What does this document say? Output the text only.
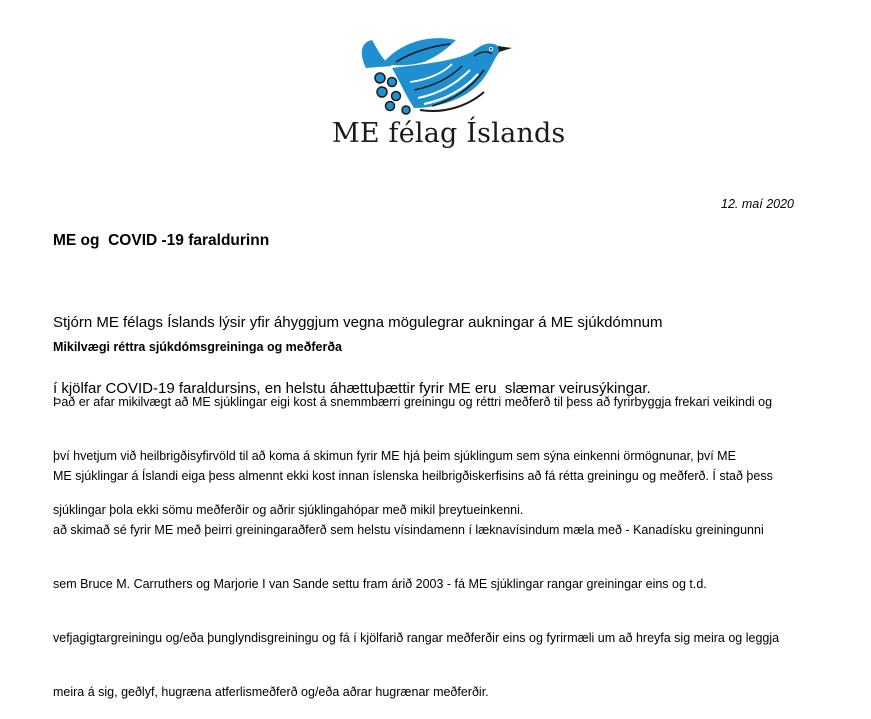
ME félag Íslands
12. maí 2020
ME og  COVID -19 faraldurinn

Stjórn ME félags Íslands lýsir yfir áhyggjum vegna mögulegrar aukningar á ME sjúkdómnum

í kjölfar COVID-19 faraldursins, en helstu áhættuþættir fyrir ME eru  slæmar veirusýkingar.

Mikilvægi réttra sjúkdómsgreininga og meðferða

Það er afar mikilvægt að ME sjúklingar eigi kost á snemmbærri greiningu og réttri meðferð til þess að fyrirbyggja frekari veikindi og

því hvetjum við heilbrigðisyfirvöld til að koma á skimun fyrir ME hjá þeim sjúklingum sem sýna einkenni örmögnunar, því ME

sjúklingar þola ekki sömu meðferðir og aðrir sjúklingahópar með mikil þreytueinkenni.

ME sjúklingar á Íslandi eiga þess almennt ekki kost innan íslenska heilbrigðiskerfisins að fá rétta greiningu og meðferð. Í stað þess

að skimað sé fyrir ME með þeirri greiningaraðferð sem helstu vísindamenn í læknavísindum mæla með - Kanadísku greiningunni

sem Bruce M. Carruthers og Marjorie I van Sande settu fram árið 2003 - fá ME sjúklingar rangar greiningar eins og t.d.

vefjagigtargreiningu og/eða þunglyndisgreiningu og fá í kjölfarið rangar meðferðir eins og fyrirmæli um að hreyfa sig meira og leggja

meira á sig, geðlyf, hugræna atferlismeðferð og/eða aðrar hugrænar meðferðir.
